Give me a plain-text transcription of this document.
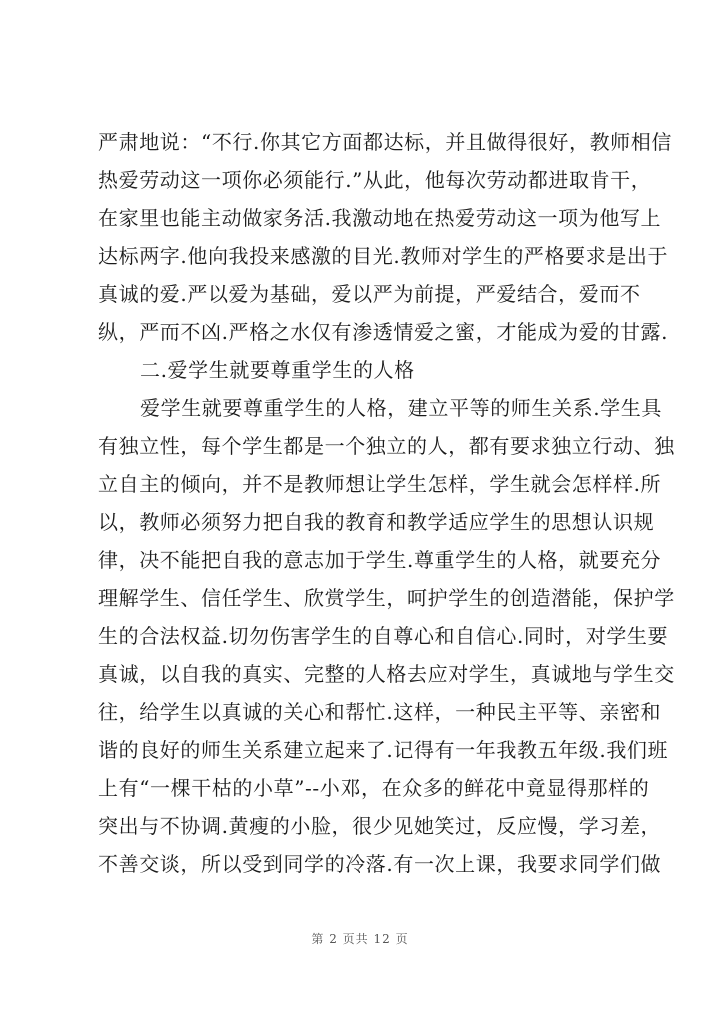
严肃地说：“不行.你其它方面都达标，并且做得很好，教师相信
热爱劳动这一项你必须能行.”从此，他每次劳动都进取肯干，
在家里也能主动做家务活.我激动地在热爱劳动这一项为他写上
达标两字.他向我投来感激的目光.教师对学生的严格要求是出于
真诚的爱.严以爱为基础，爱以严为前提，严爱结合，爱而不
纵，严而不凶.严格之水仅有渗透情爱之蜜，才能成为爱的甘露.
二.爱学生就要尊重学生的人格
爱学生就要尊重学生的人格，建立平等的师生关系.学生具
有独立性，每个学生都是一个独立的人，都有要求独立行动、独
立自主的倾向，并不是教师想让学生怎样，学生就会怎样样.所
以，教师必须努力把自我的教育和教学适应学生的思想认识规
律，决不能把自我的意志加于学生.尊重学生的人格，就要充分
理解学生、信任学生、欣赏学生，呵护学生的创造潜能，保护学
生的合法权益.切勿伤害学生的自尊心和自信心.同时，对学生要
真诚，以自我的真实、完整的人格去应对学生，真诚地与学生交
往，给学生以真诚的关心和帮忙.这样，一种民主平等、亲密和
谐的良好的师生关系建立起来了.记得有一年我教五年级.我们班
上有“一棵干枯的小草”--小邓，在众多的鲜花中竟显得那样的
突出与不协调.黄瘦的小脸，很少见她笑过，反应慢，学习差，
不善交谈，所以受到同学的冷落.有一次上课，我要求同学们做
第 2 页共 12 页
